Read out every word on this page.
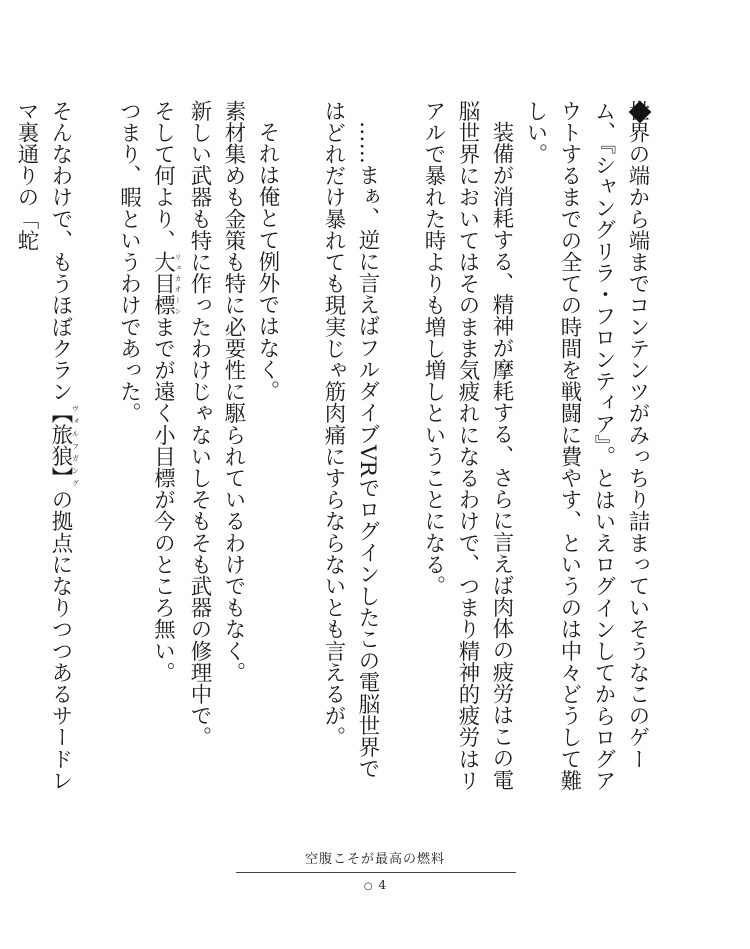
世界の端から端までコンテンツがみっちり詰まっていそうなこのゲーム、『シャングリラ・フロンティア』。とはいえログインしてからログアウトするまでの全ての時間を戦闘に費やす、というのは中々どうして難しい。

装備が消耗する、精神が摩耗する、さらに言えば肉体の疲労はこの電脳世界においてはそのまま気疲れになるわけで、つまり精神的疲労はリアルで暴れた時よりも増し増しということになる。

……まぁ、逆に言えばフルダイブVRでログインしたこの電脳世界ではどれだけ暴れても現実じゃ筋肉痛にすらならないとも言えるが。

それは俺とて例外ではなく。

素材集めも金策も特に必要性に駆られているわけでもなく。

新しい武器も特に作ったわけじゃないしそもそも武器の修理中で。

そして何より、大目標リュカオーンまでが遠く小目標が今のところ無い。

つまり、暇というわけであった。

そんなわけで、もうほぼクラン【旅狼】ヴォルフガングの拠点になりつつあるサードレマ裏通りの「蛇

空腹こそが最高の燃料
○ 4
